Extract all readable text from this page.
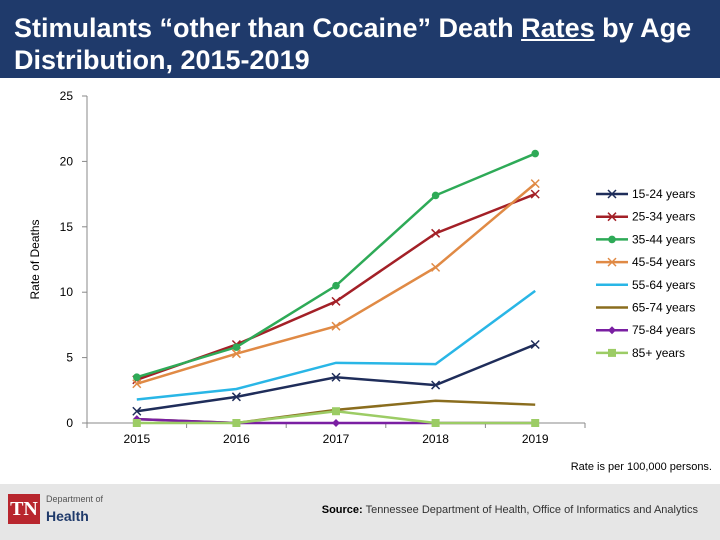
Stimulants “other than Cocaine” Death Rates by Age Distribution, 2015-2019
0
5
10
15
20
25
2015	2016	2017	2018	2019
Rate of Deaths
15-24 years
25-34 years
35-44 years
45-54 years
55-64 years
65-74 years
75-84 years
85+ years
Rate is per 100,000 persons.
TN Department of
Health	Source: Tennessee Department of Health, Office of Informatics and Analytics
